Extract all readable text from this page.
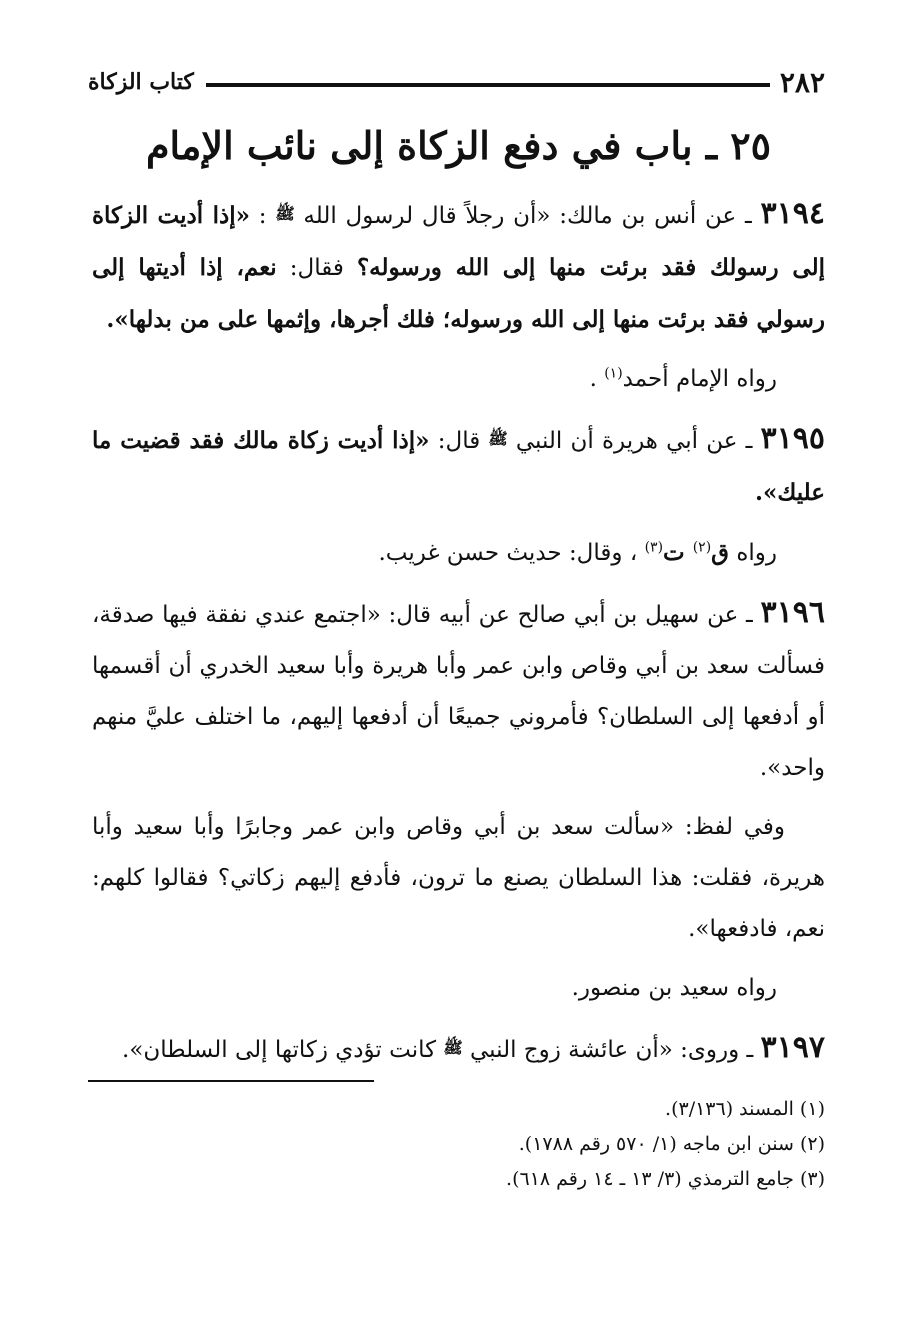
٢٨٢
كتاب الزكاة
٢٥ ـ باب في دفع الزكاة إلى نائب الإمام

٣١٩٤ ـ عن أنس بن مالك: «أن رجلاً قال لرسول الله ﷺ : «إذا أديت الزكاة إلى رسولك فقد برئت منها إلى الله ورسوله؟ فقال: نعم، إذا أديتها إلى رسولي فقد برئت منها إلى الله ورسوله؛ فلك أجرها، وإثمها على من بدلها».

رواه الإمام أحمد$^{(١)}$ .

٣١٩٥ ـ عن أبي هريرة أن النبي ﷺ قال: «إذا أديت زكاة مالك فقد قضيت ما عليك».

رواه ق$^{(٢)}$ ت$^{(٣)}$ ، وقال: حديث حسن غريب.

٣١٩٦ ـ عن سهيل بن أبي صالح عن أبيه قال: «اجتمع عندي نفقة فيها صدقة، فسألت سعد بن أبي وقاص وابن عمر وأبا هريرة وأبا سعيد الخدري أن أقسمها أو أدفعها إلى السلطان؟ فأمروني جميعًا أن أدفعها إليهم، ما اختلف عليَّ منهم واحد».

وفي لفظ: «سألت سعد بن أبي وقاص وابن عمر وجابرًا وأبا سعيد وأبا هريرة، فقلت: هذا السلطان يصنع ما ترون، فأدفع إليهم زكاتي؟ فقالوا كلهم: نعم، فادفعها».

رواه سعيد بن منصور.

٣١٩٧ ـ وروى: «أن عائشة زوج النبي ﷺ كانت تؤدي زكاتها إلى السلطان».

(١) المسند (٣/١٣٦).

(٢) سنن ابن ماجه (١/ ٥٧٠ رقم ١٧٨٨).

(٣) جامع الترمذي (٣/ ١٣ ـ ١٤ رقم ٦١٨).
